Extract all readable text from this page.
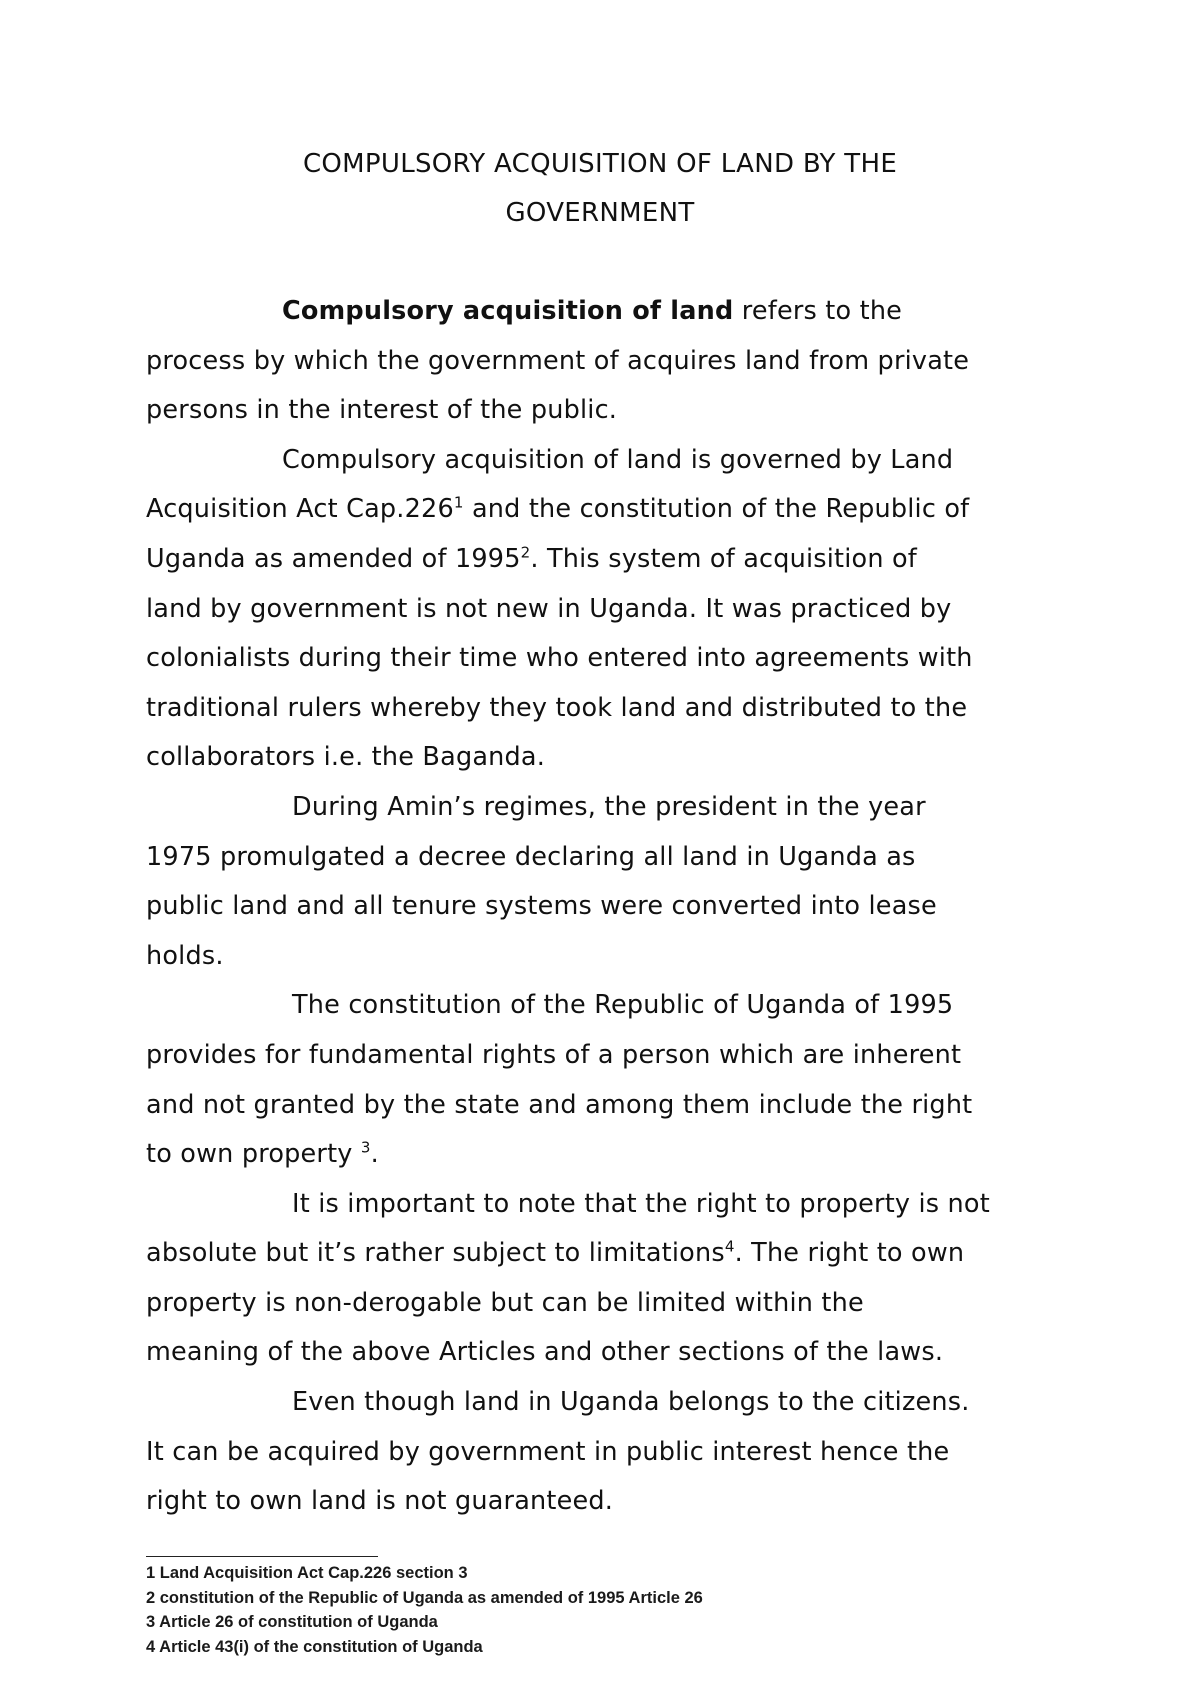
COMPULSORY ACQUISITION OF LAND BY THE
GOVERNMENT

Compulsory acquisition of land refers to the
process by which the government of acquires land from private
persons in the interest of the public.

Compulsory acquisition of land is governed by Land
Acquisition Act Cap.226$^1$ and the constitution of the Republic of
Uganda as amended of 1995$^2$. This system of acquisition of
land by government is not new in Uganda. It was practiced by
colonialists during their time who entered into agreements with
traditional rulers whereby they took land and distributed to the
collaborators i.e. the Baganda.

During Amin’s regimes, the president in the year
1975 promulgated a decree declaring all land in Uganda as
public land and all tenure systems were converted into lease
holds.

The constitution of the Republic of Uganda of 1995
provides for fundamental rights of a person which are inherent
and not granted by the state and among them include the right
to own property $^3$.

It is important to note that the right to property is not
absolute but it’s rather subject to limitations$^4$. The right to own
property is non-derogable but can be limited within the
meaning of the above Articles and other sections of the laws.

Even though land in Uganda belongs to the citizens.
It can be acquired by government in public interest hence the
right to own land is not guaranteed.

1 Land Acquisition Act Cap.226 section 3
2 constitution of the Republic of Uganda as amended of 1995 Article 26
3 Article 26 of constitution of Uganda
4 Article 43(i) of the constitution of Uganda
